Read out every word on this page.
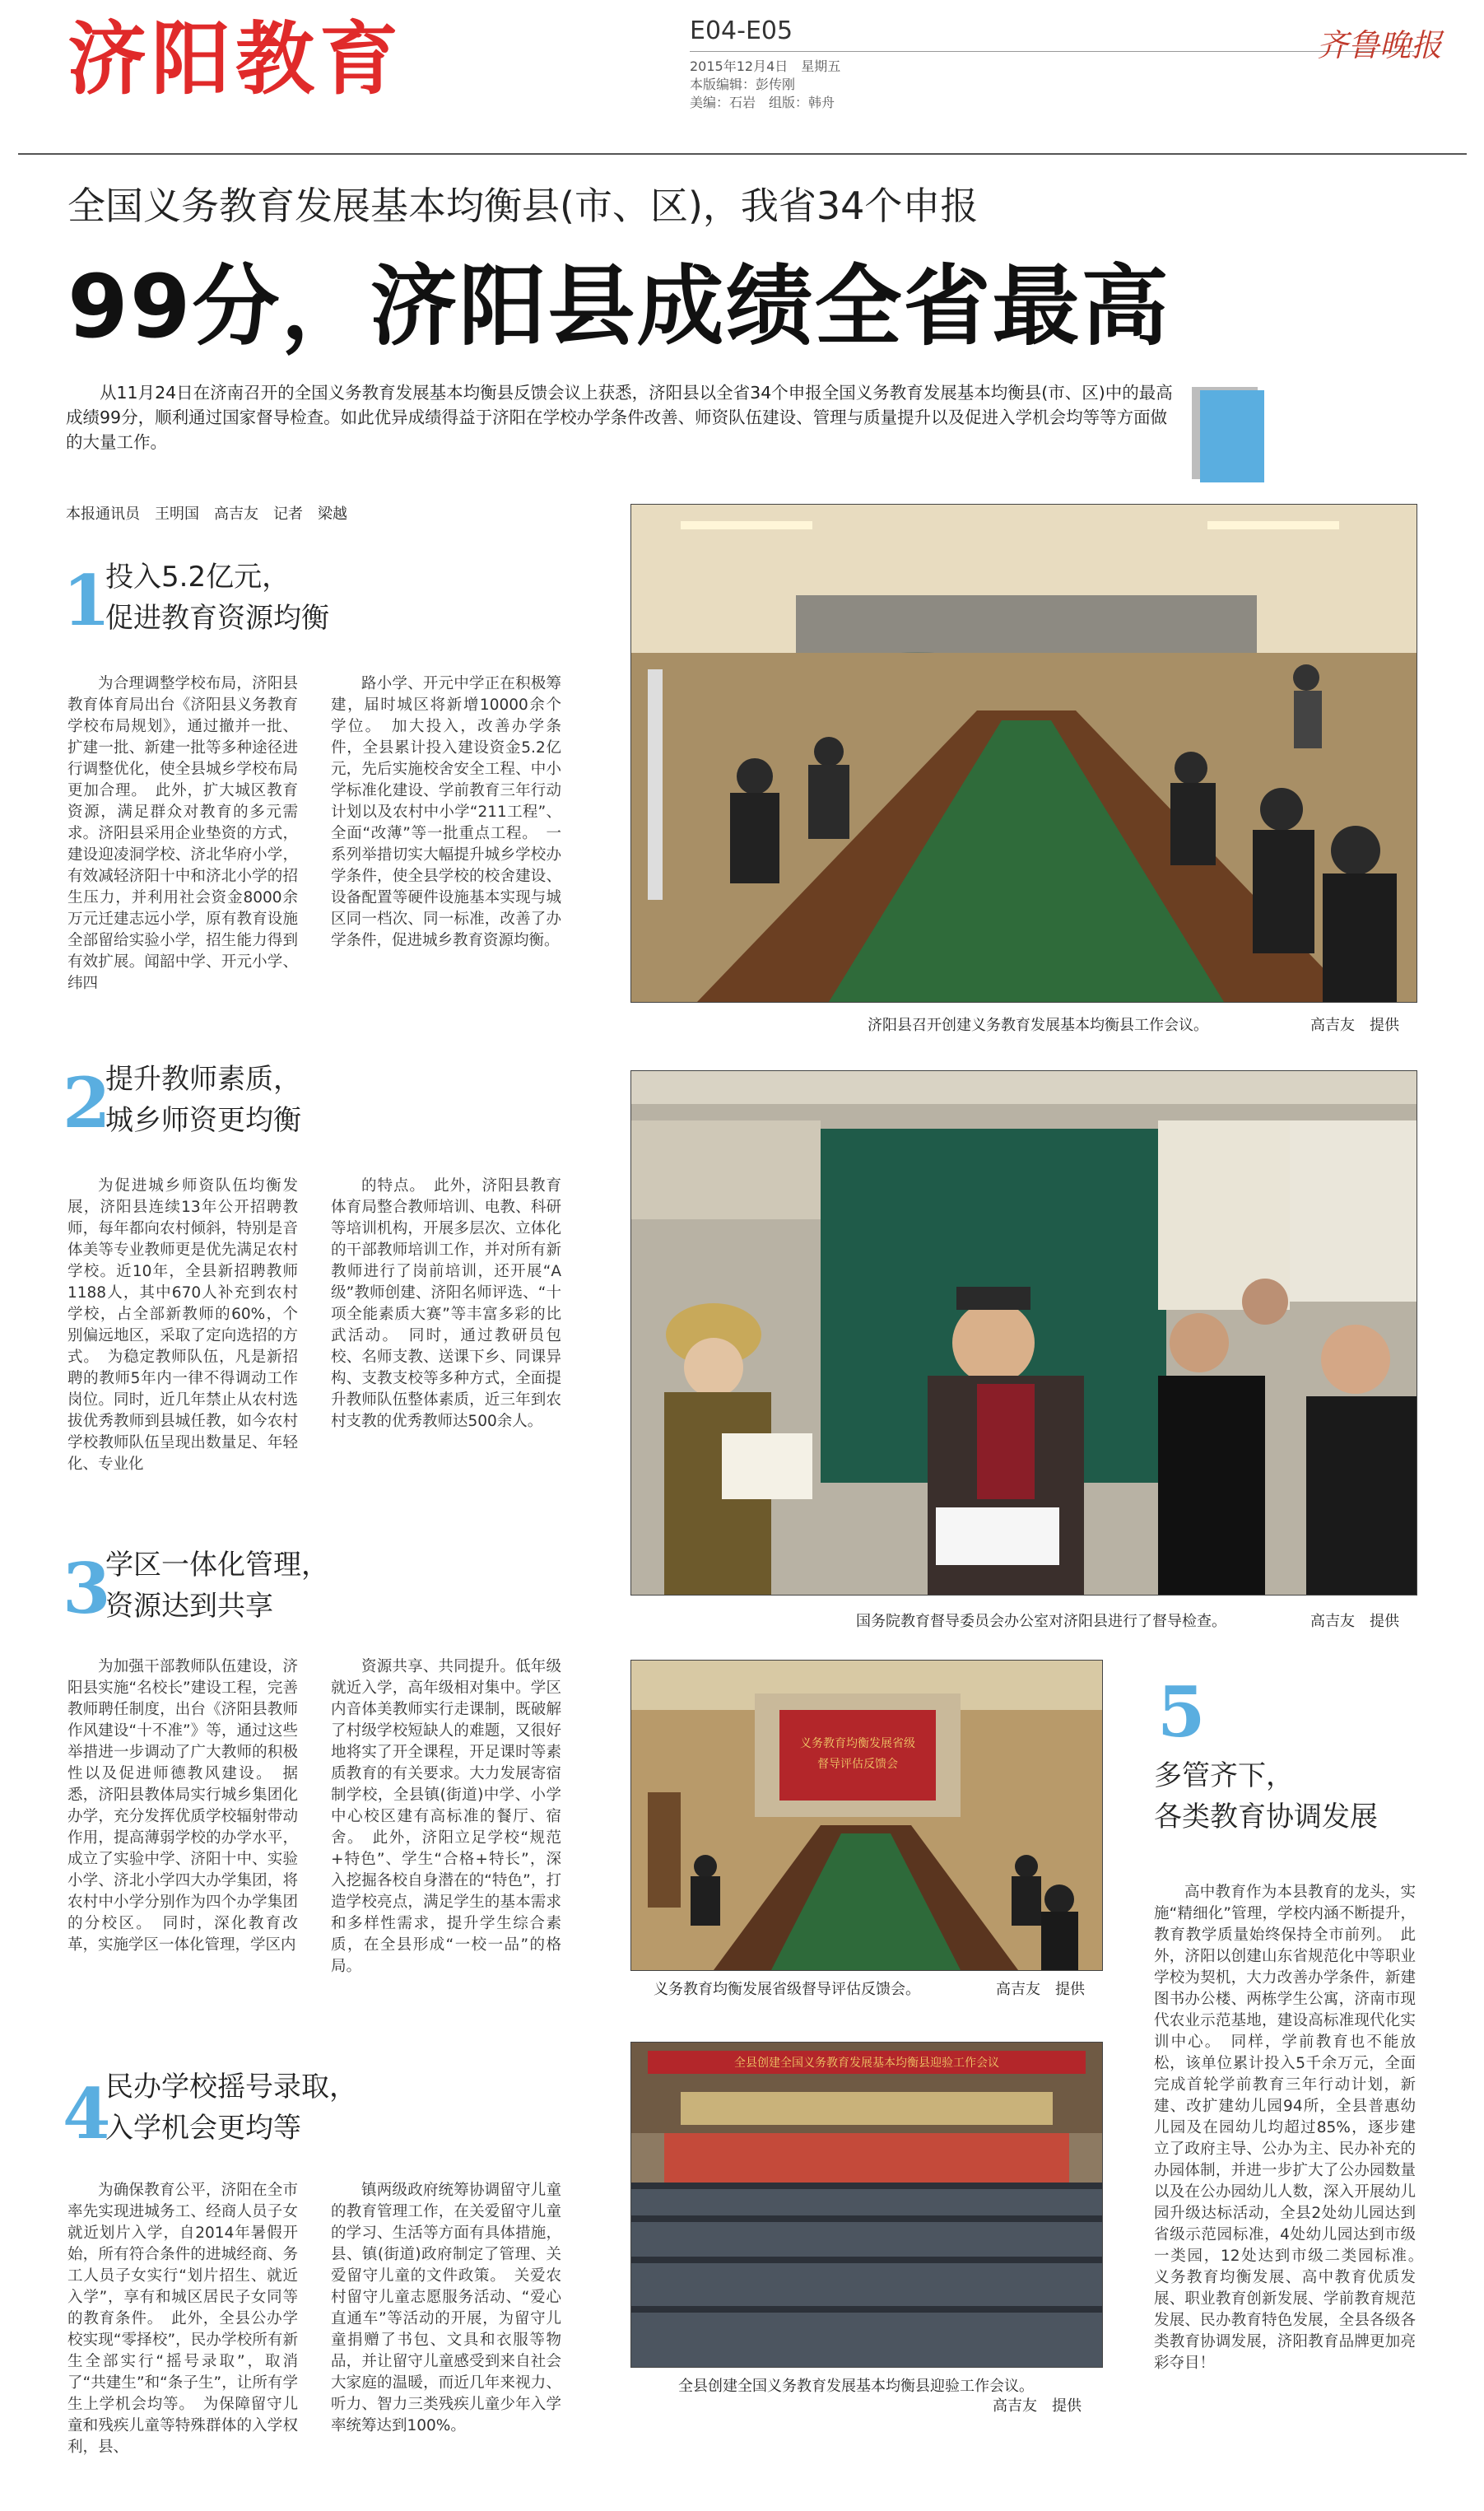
济阳教育	E04-E05
2015年12月4日　星期五
本版编辑：彭传刚
美编：石岩　组版：韩舟
齐鲁晚报
全国义务教育发展基本均衡县(市、区)，我省34个申报
99分，济阳县成绩全省最高
从11月24日在济南召开的全国义务教育发展基本均衡县反馈会议上获悉，济阳县以全省34个申报全国义务教育发展基本均衡县(市、区)中的最高成绩99分，顺利通过国家督导检查。如此优异成绩得益于济阳在学校办学条件改善、师资队伍建设、管理与质量提升以及促进入学机会均等等方面做的大量工作。
本报通讯员　王明国　高吉友　记者　梁越
1
投入5.2亿元，
促进教育资源均衡
为合理调整学校布局，济阳县教育体育局出台《济阳县义务教育学校布局规划》，通过撤并一批、扩建一批、新建一批等多种途径进行调整优化，使全县城乡学校布局更加合理。　此外，扩大城区教育资源，满足群众对教育的多元需求。济阳县采用企业垫资的方式，建设迎凌洞学校、济北华府小学，有效减轻济阳十中和济北小学的招生压力，并利用社会资金8000余万元迁建志远小学，原有教育设施全部留给实验小学，招生能力得到有效扩展。闻韶中学、开元小学、纬四
路小学、开元中学正在积极筹建，届时城区将新增10000余个学位。　加大投入，改善办学条件，全县累计投入建设资金5.2亿元，先后实施校舍安全工程、中小学标准化建设、学前教育三年行动计划以及农村中小学“211工程”、全面“改薄”等一批重点工程。　一系列举措切实大幅提升城乡学校办学条件，使全县学校的校舍建设、设备配置等硬件设施基本实现与城区同一档次、同一标准，改善了办学条件，促进城乡教育资源均衡。
济阳县召开创建义务教育发展基本均衡县工作会议。	高吉友　提供
2
提升教师素质，
城乡师资更均衡
为促进城乡师资队伍均衡发展，济阳县连续13年公开招聘教师，每年都向农村倾斜，特别是音体美等专业教师更是优先满足农村学校。近10年，全县新招聘教师1188人，其中670人补充到农村学校，占全部新教师的60%，个别偏远地区，采取了定向选招的方式。　为稳定教师队伍，凡是新招聘的教师5年内一律不得调动工作岗位。同时，近几年禁止从农村选拔优秀教师到县城任教，如今农村学校教师队伍呈现出数量足、年轻化、专业化
的特点。　此外，济阳县教育体育局整合教师培训、电教、科研等培训机构，开展多层次、立体化的干部教师培训工作，并对所有新教师进行了岗前培训，还开展“A级”教师创建、济阳名师评选、“十项全能素质大赛”等丰富多彩的比武活动。　同时，通过教研员包校、名师支教、送课下乡、同课异构、支教支校等多种方式，全面提升教师队伍整体素质，近三年到农村支教的优秀教师达500余人。
国务院教育督导委员会办公室对济阳县进行了督导检查。	高吉友　提供
3
学区一体化管理，
资源达到共享
为加强干部教师队伍建设，济阳县实施“名校长”建设工程，完善教师聘任制度，出台《济阳县教师作风建设“十不准”》等，通过这些举措进一步调动了广大教师的积极性以及促进师德教风建设。　据悉，济阳县教体局实行城乡集团化办学，充分发挥优质学校辐射带动作用，提高薄弱学校的办学水平，成立了实验中学、济阳十中、实验小学、济北小学四大办学集团，将农村中小学分别作为四个办学集团的分校区。　同时，深化教育改革，实施学区一体化管理，学区内
资源共享、共同提升。低年级就近入学，高年级相对集中。学区内音体美教师实行走课制，既破解了村级学校短缺人的难题，又很好地将实了开全课程，开足课时等素质教育的有关要求。大力发展寄宿制学校，全县镇(街道)中学、小学中心校区建有高标准的餐厅、宿舍。　此外，济阳立足学校“规范+特色”、学生“合格+特长”，深入挖掘各校自身潜在的“特色”，打造学校亮点，满足学生的基本需求和多样性需求，提升学生综合素质，在全县形成“一校一品”的格局。
义务教育均衡发展省级
督导评估反馈会
义务教育均衡发展省级督导评估反馈会。	高吉友　提供
5
多管齐下，
各类教育协调发展
高中教育作为本县教育的龙头，实施“精细化”管理，学校内涵不断提升，教育教学质量始终保持全市前列。　此外，济阳以创建山东省规范化中等职业学校为契机，大力改善办学条件，新建图书办公楼、两栋学生公寓，济南市现代农业示范基地，建设高标准现代化实训中心。　同样，学前教育也不能放松，该单位累计投入5千余万元，全面完成首轮学前教育三年行动计划，新建、改扩建幼儿园94所，全县普惠幼儿园及在园幼儿均超过85%，逐步建立了政府主导、公办为主、民办补充的办园体制，并进一步扩大了公办园数量以及在公办园幼儿人数，深入开展幼儿园升级达标活动，全县2处幼儿园达到省级示范园标准，4处幼儿园达到市级一类园，12处达到市级二类园标准。　义务教育均衡发展、高中教育优质发展、职业教育创新发展、学前教育规范发展、民办教育特色发展，全县各级各类教育协调发展，济阳教育品牌更加亮彩夺目！
4
民办学校摇号录取，
入学机会更均等
为确保教育公平，济阳在全市率先实现进城务工、经商人员子女就近划片入学，自2014年暑假开始，所有符合条件的进城经商、务工人员子女实行“划片招生、就近入学”，享有和城区居民子女同等的教育条件。　此外，全县公办学校实现“零择校”，民办学校所有新生全部实行“摇号录取”，取消了“共建生”和“条子生”，让所有学生上学机会均等。　为保障留守儿童和残疾儿童等特殊群体的入学权利，县、
镇两级政府统筹协调留守儿童的教育管理工作，在关爱留守儿童的学习、生活等方面有具体措施，县、镇(街道)政府制定了管理、关爱留守儿童的文件政策。　关爱农村留守儿童志愿服务活动、“爱心直通车”等活动的开展，为留守儿童捐赠了书包、文具和衣服等物品，并让留守儿童感受到来自社会大家庭的温暖，而近几年来视力、听力、智力三类残疾儿童少年入学率统筹达到100%。
全县创建全国义务教育发展基本均衡县迎验工作会议
全县创建全国义务教育发展基本均衡县迎验工作会议。
高吉友　提供
